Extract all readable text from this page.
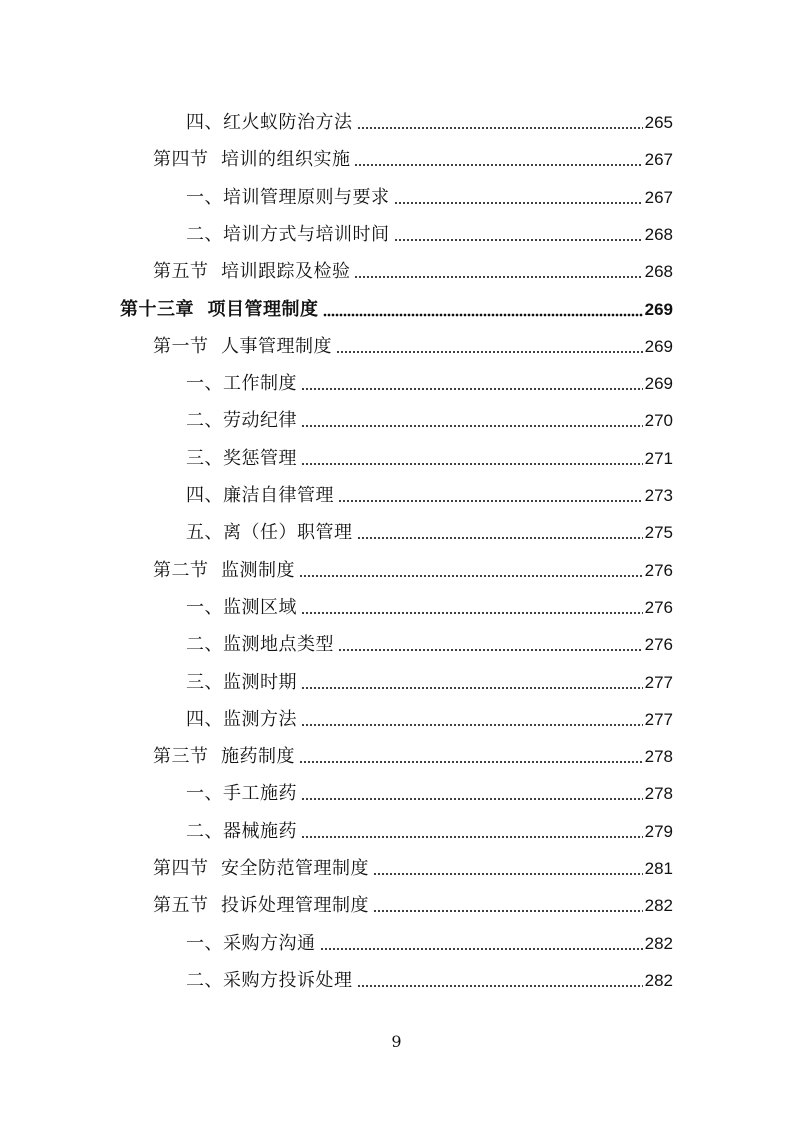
四、红火蚁防治方法	265
第四节  培训的组织实施	267
一、培训管理原则与要求	267
二、培训方式与培训时间	268
第五节  培训跟踪及检验	268
第十三章  项目管理制度	269
第一节  人事管理制度	269
一、工作制度	269
二、劳动纪律	270
三、奖惩管理	271
四、廉洁自律管理	273
五、离（任）职管理	275
第二节  监测制度	276
一、监测区域	276
二、监测地点类型	276
三、监测时期	277
四、监测方法	277
第三节  施药制度	278
一、手工施药	278
二、器械施药	279
第四节  安全防范管理制度	281
第五节  投诉处理管理制度	282
一、采购方沟通	282
二、采购方投诉处理	282
9
